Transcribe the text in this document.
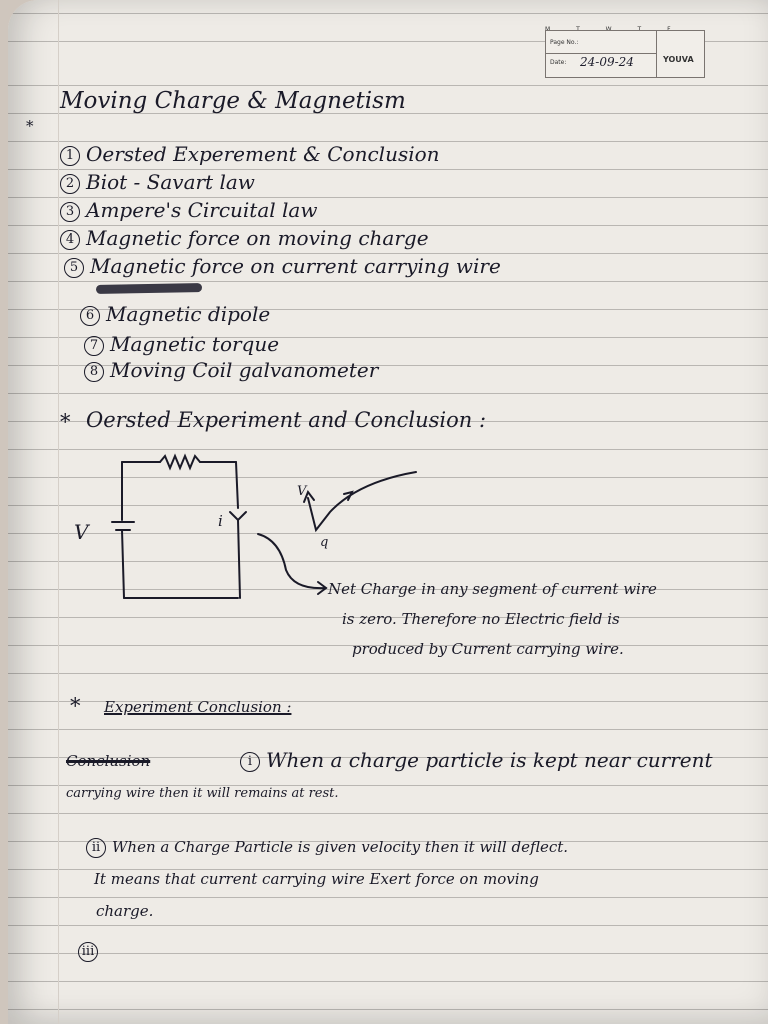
Page No.:
Date: 24-09-24	YOUVA
*
Moving Charge & Magnetism
1 Oersted Experement & Conclusion
2 Biot - Savart law
3 Ampere's Circuital law
4 Magnetic force on moving charge
5 Magnetic force on current carrying wire
6 Magnetic dipole
7 Magnetic torque
8 Moving Coil galvanometer
* Oersted Experiment and Conclusion :
V	i
V
q
Net Charge in any segment of current wire
is zero. Therefore no Electric field is
produced by Current carrying wire.
* Experiment Conclusion :
Conclusion	i When a charge particle is kept near current
carrying wire then it will remains at rest.
ii When a Charge Particle is given velocity then it will deflect.
It means that current carrying wire Exert force on moving
charge.
iii
